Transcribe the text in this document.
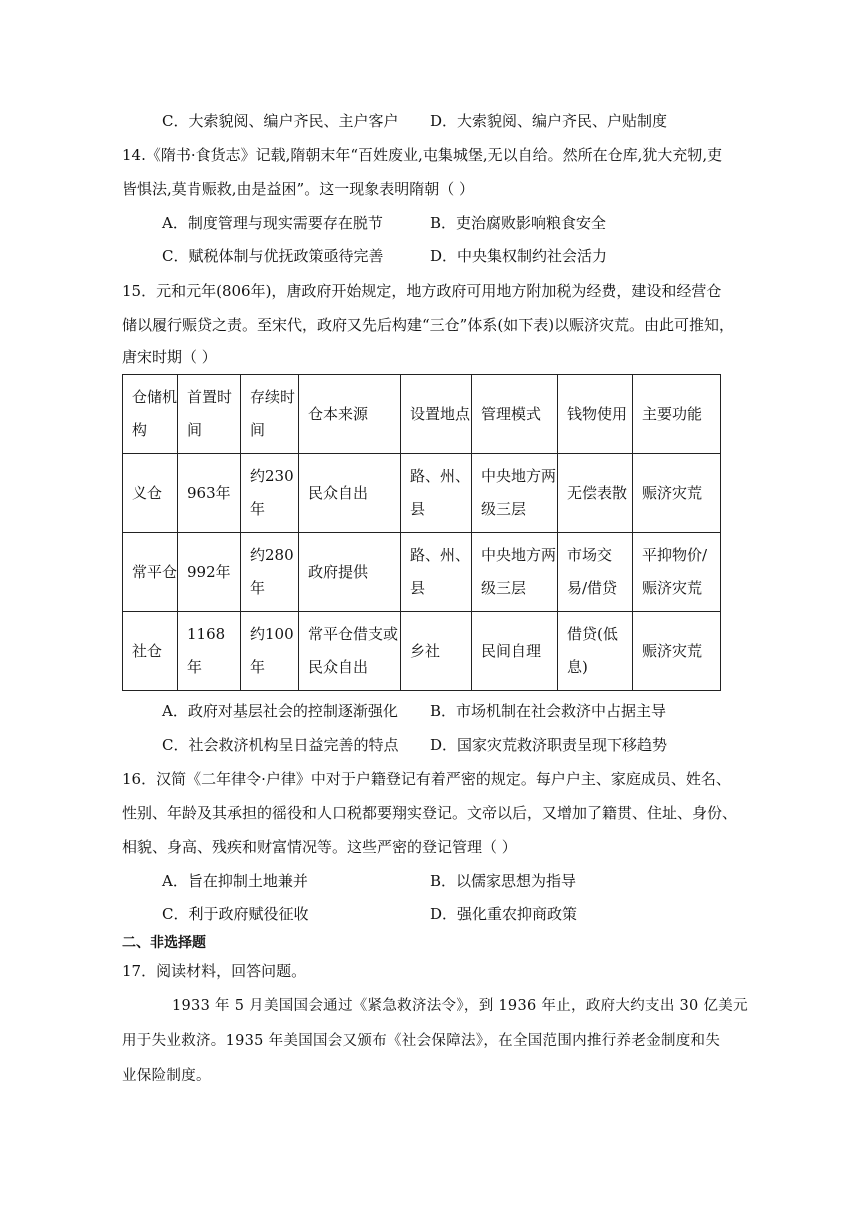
C．大索貌阅、编户齐民、主户客户 D．大索貌阅、编户齐民、户贴制度
14.《隋书·食货志》记载,隋朝末年“百姓废业,屯集城堡,无以自给。然所在仓库,犹大充牣,吏
皆惧法,莫肯赈救,由是益困”。这一现象表明隋朝（ ）
A．制度管理与现实需要存在脱节	B．吏治腐败影响粮食安全
C．赋税体制与优抚政策亟待完善	D．中央集权制约社会活力
15．元和元年(806年)，唐政府开始规定，地方政府可用地方附加税为经费，建设和经营仓
储以履行赈贷之责。至宋代，政府又先后构建“三仓”体系(如下表)以赈济灾荒。由此可推知，
唐宋时期（ ）
仓储机构	首置时间	存续时间	仓本来源	设置地点	管理模式	钱物使用	主要功能
义仓	963年	约230年	民众自出	路、州、县	中央地方两级三层	无偿表散	赈济灾荒
常平仓	992年	约280年	政府提供	路、州、县	中央地方两级三层	市场交易/借贷	平抑物价/赈济灾荒
社仓	1168年	约100年	常平仓借支或民众自出	乡社	民间自理	借贷(低息)	赈济灾荒
A．政府对基层社会的控制逐渐强化 B．市场机制在社会救济中占据主导
C．社会救济机构呈日益完善的特点 D．国家灾荒救济职责呈现下移趋势
16．汉简《二年律令·户律》中对于户籍登记有着严密的规定。每户户主、家庭成员、姓名、
性别、年龄及其承担的徭役和人口税都要翔实登记。文帝以后，又增加了籍贯、住址、身份、
相貌、身高、残疾和财富情况等。这些严密的登记管理（ ）
A．旨在抑制土地兼并	B．以儒家思想为指导
C．利于政府赋役征收	D．强化重农抑商政策
二、非选择题
17．阅读材料，回答问题。
1933 年 5 月美国国会通过《紧急救济法令》，到 1936 年止，政府大约支出 30 亿美元
用于失业救济。1935 年美国国会又颁布《社会保障法》，在全国范围内推行养老金制度和失
业保险制度。
